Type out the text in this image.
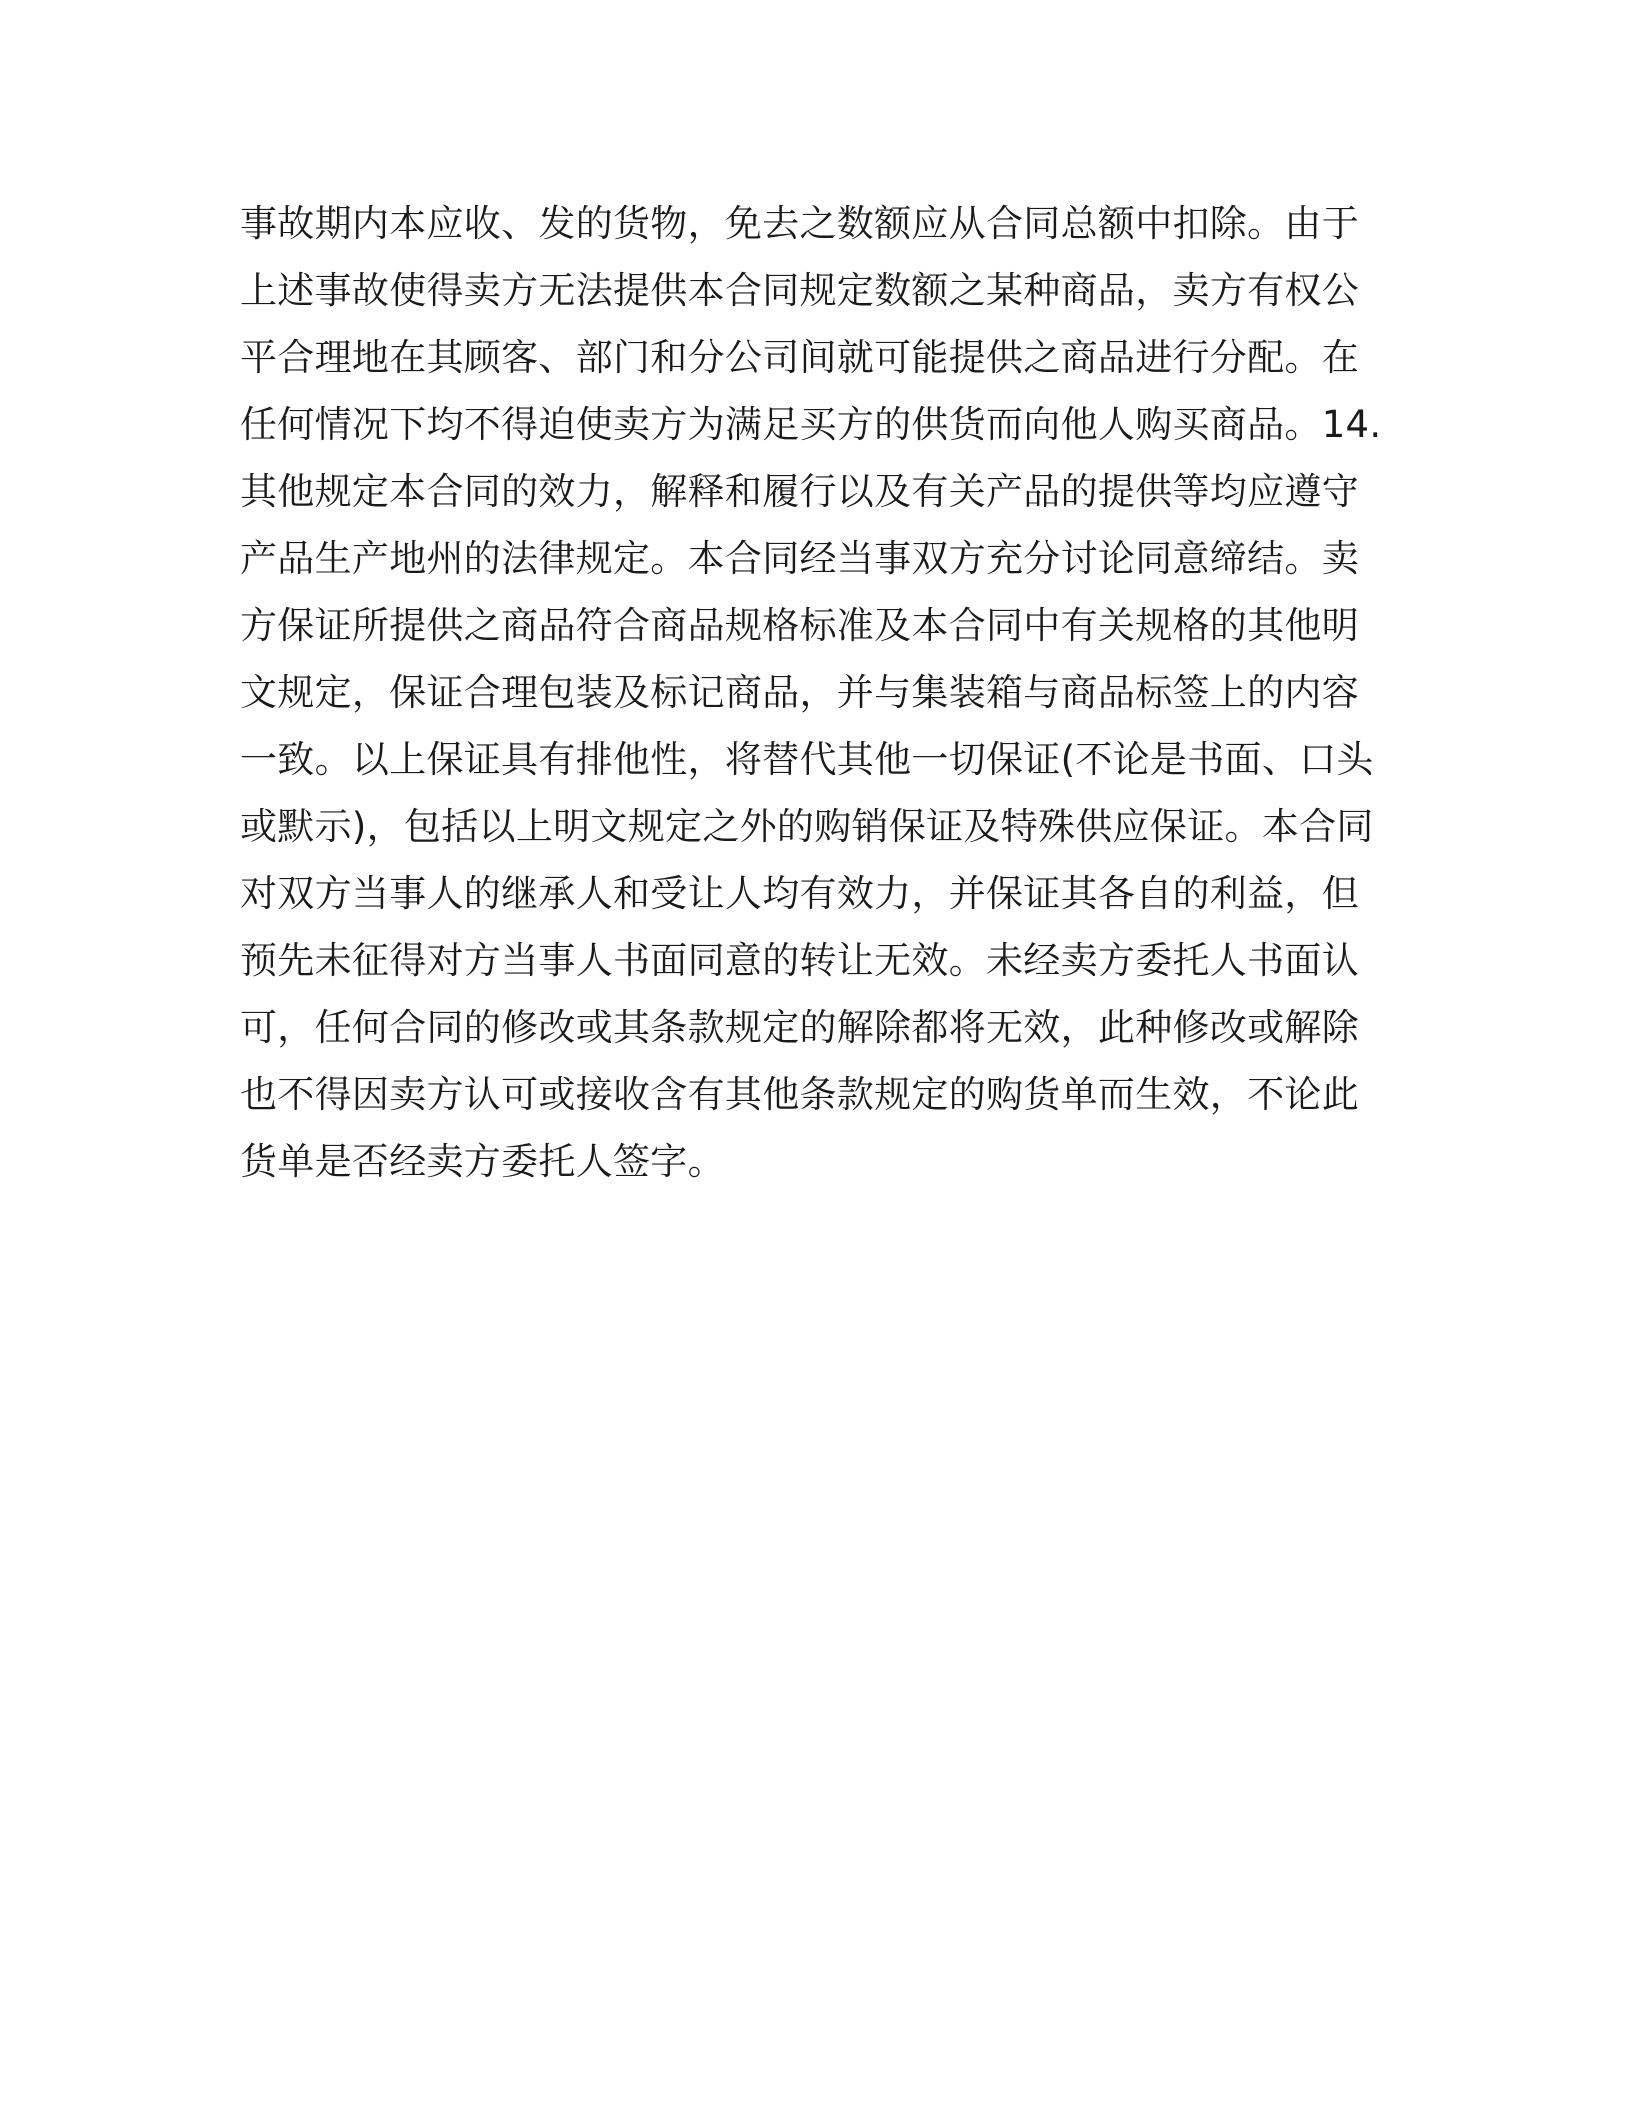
事故期内本应收、发的货物，免去之数额应从合同总额中扣除。由于
上述事故使得卖方无法提供本合同规定数额之某种商品，卖方有权公
平合理地在其顾客、部门和分公司间就可能提供之商品进行分配。在
任何情况下均不得迫使卖方为满足买方的供货而向他人购买商品。14.
其他规定本合同的效力，解释和履行以及有关产品的提供等均应遵守
产品生产地州的法律规定。本合同经当事双方充分讨论同意缔结。卖
方保证所提供之商品符合商品规格标准及本合同中有关规格的其他明
文规定，保证合理包装及标记商品，并与集装箱与商品标签上的内容
一致。以上保证具有排他性，将替代其他一切保证(不论是书面、口头
或默示)，包括以上明文规定之外的购销保证及特殊供应保证。本合同
对双方当事人的继承人和受让人均有效力，并保证其各自的利益，但
预先未征得对方当事人书面同意的转让无效。未经卖方委托人书面认
可，任何合同的修改或其条款规定的解除都将无效，此种修改或解除
也不得因卖方认可或接收含有其他条款规定的购货单而生效，不论此
货单是否经卖方委托人签字。
